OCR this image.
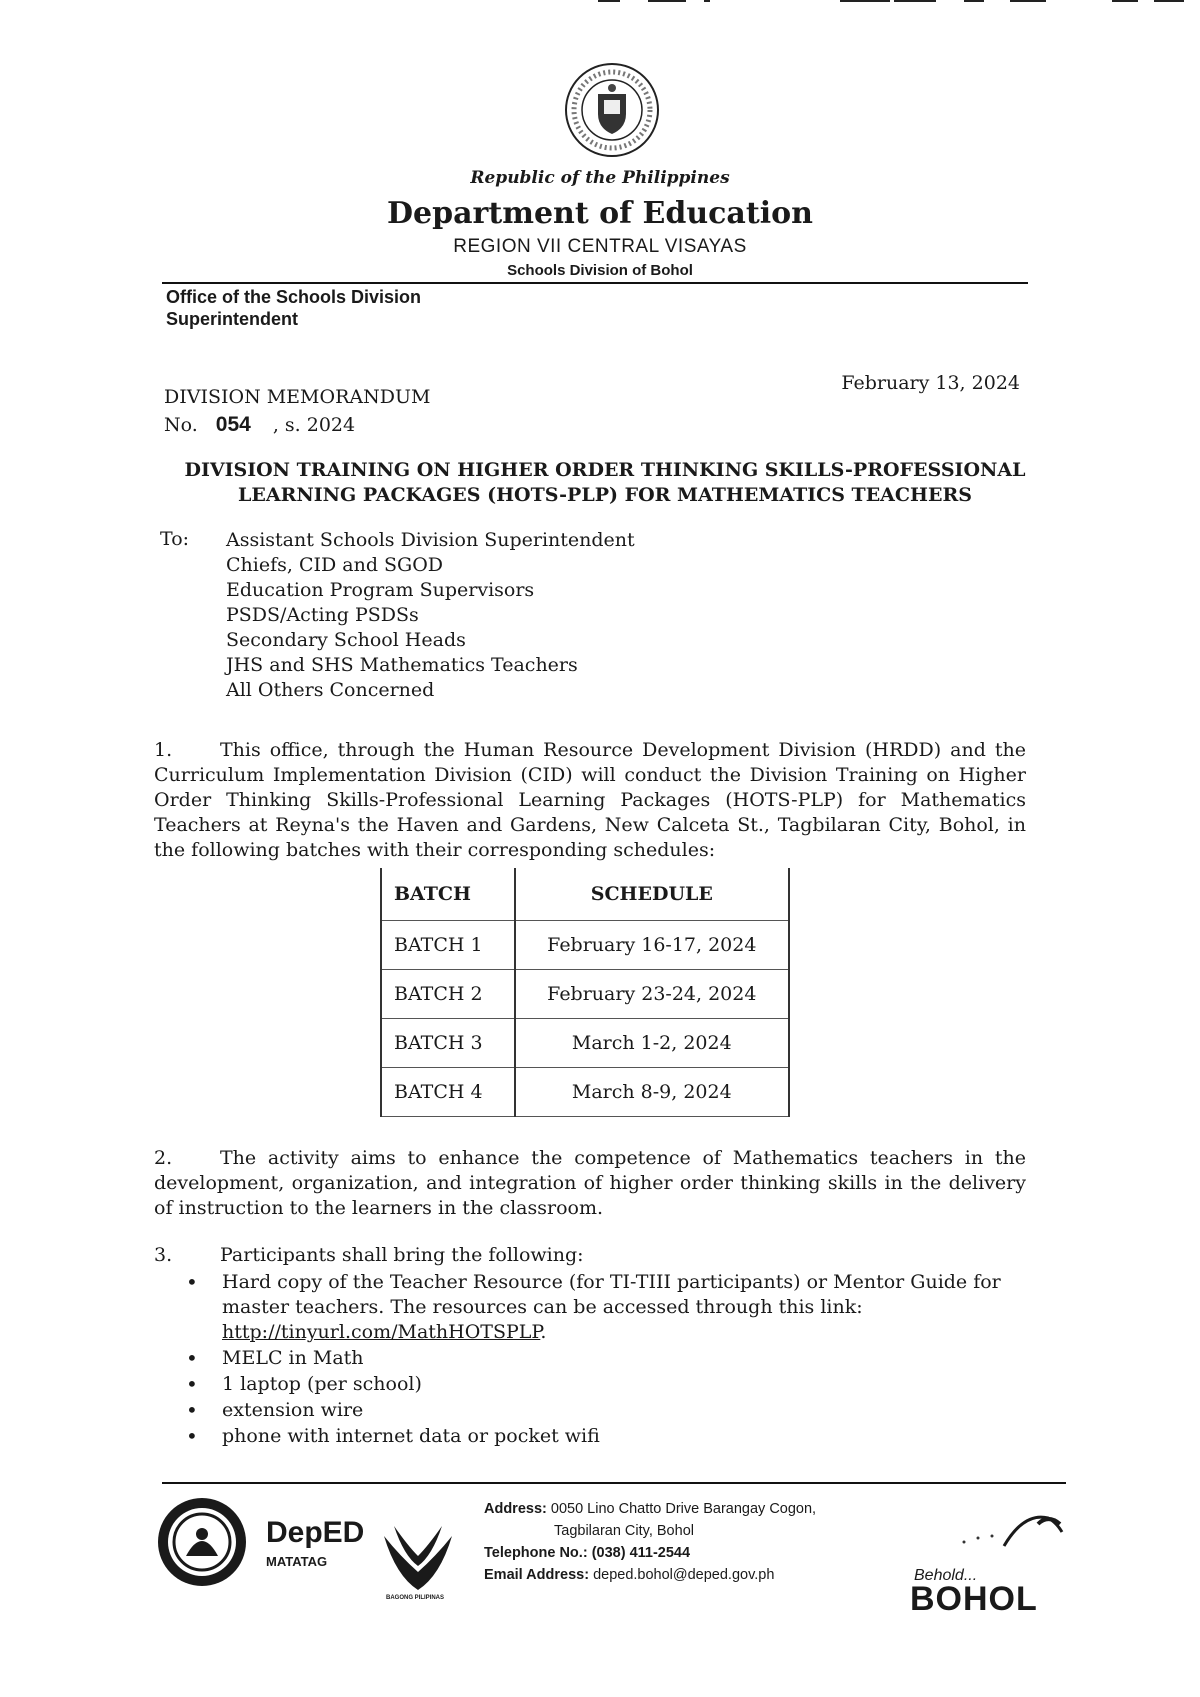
Republic of the Philippines
Department of Education
REGION VII CENTRAL VISAYAS
Schools Division of Bohol
Office of the Schools Division Superintendent
DIVISION MEMORANDUM
No. 054 , s. 2024
February 13, 2024
DIVISION TRAINING ON HIGHER ORDER THINKING SKILLS-PROFESSIONAL
LEARNING PACKAGES (HOTS-PLP) FOR MATHEMATICS TEACHERS
To: Assistant Schools Division Superintendent
Chiefs, CID and SGOD
Education Program Supervisors
PSDS/Acting PSDSs
Secondary School Heads
JHS and SHS Mathematics Teachers
All Others Concerned
1.	This office, through the Human Resource Development Division (HRDD) and the Curriculum Implementation Division (CID) will conduct the Division Training on Higher Order Thinking Skills-Professional Learning Packages (HOTS-PLP) for Mathematics Teachers at Reyna's the Haven and Gardens, New Calceta St., Tagbilaran City, Bohol, in the following batches with their corresponding schedules:
BATCH	SCHEDULE
BATCH 1	February 16-17, 2024
BATCH 2	February 23-24, 2024
BATCH 3	March 1-2, 2024
BATCH 4	March 8-9, 2024
2.	The activity aims to enhance the competence of Mathematics teachers in the development, organization, and integration of higher order thinking skills in the delivery of instruction to the learners in the classroom.
3.	Participants shall bring the following:
• Hard copy of the Teacher Resource (for TI-TIII participants) or Mentor Guide for master teachers. The resources can be accessed through this link: http://tinyurl.com/MathHOTSPLP.
• MELC in Math
• 1 laptop (per school)
• extension wire
• phone with internet data or pocket wifi
DepED
MATATAG
BAGONG PILIPINAS
Address: 0050 Lino Chatto Drive Barangay Cogon,
Tagbilaran City, Bohol
Telephone No.: (038) 411-2544
Email Address: deped.bohol@deped.gov.ph	Behold...
BOHOL
